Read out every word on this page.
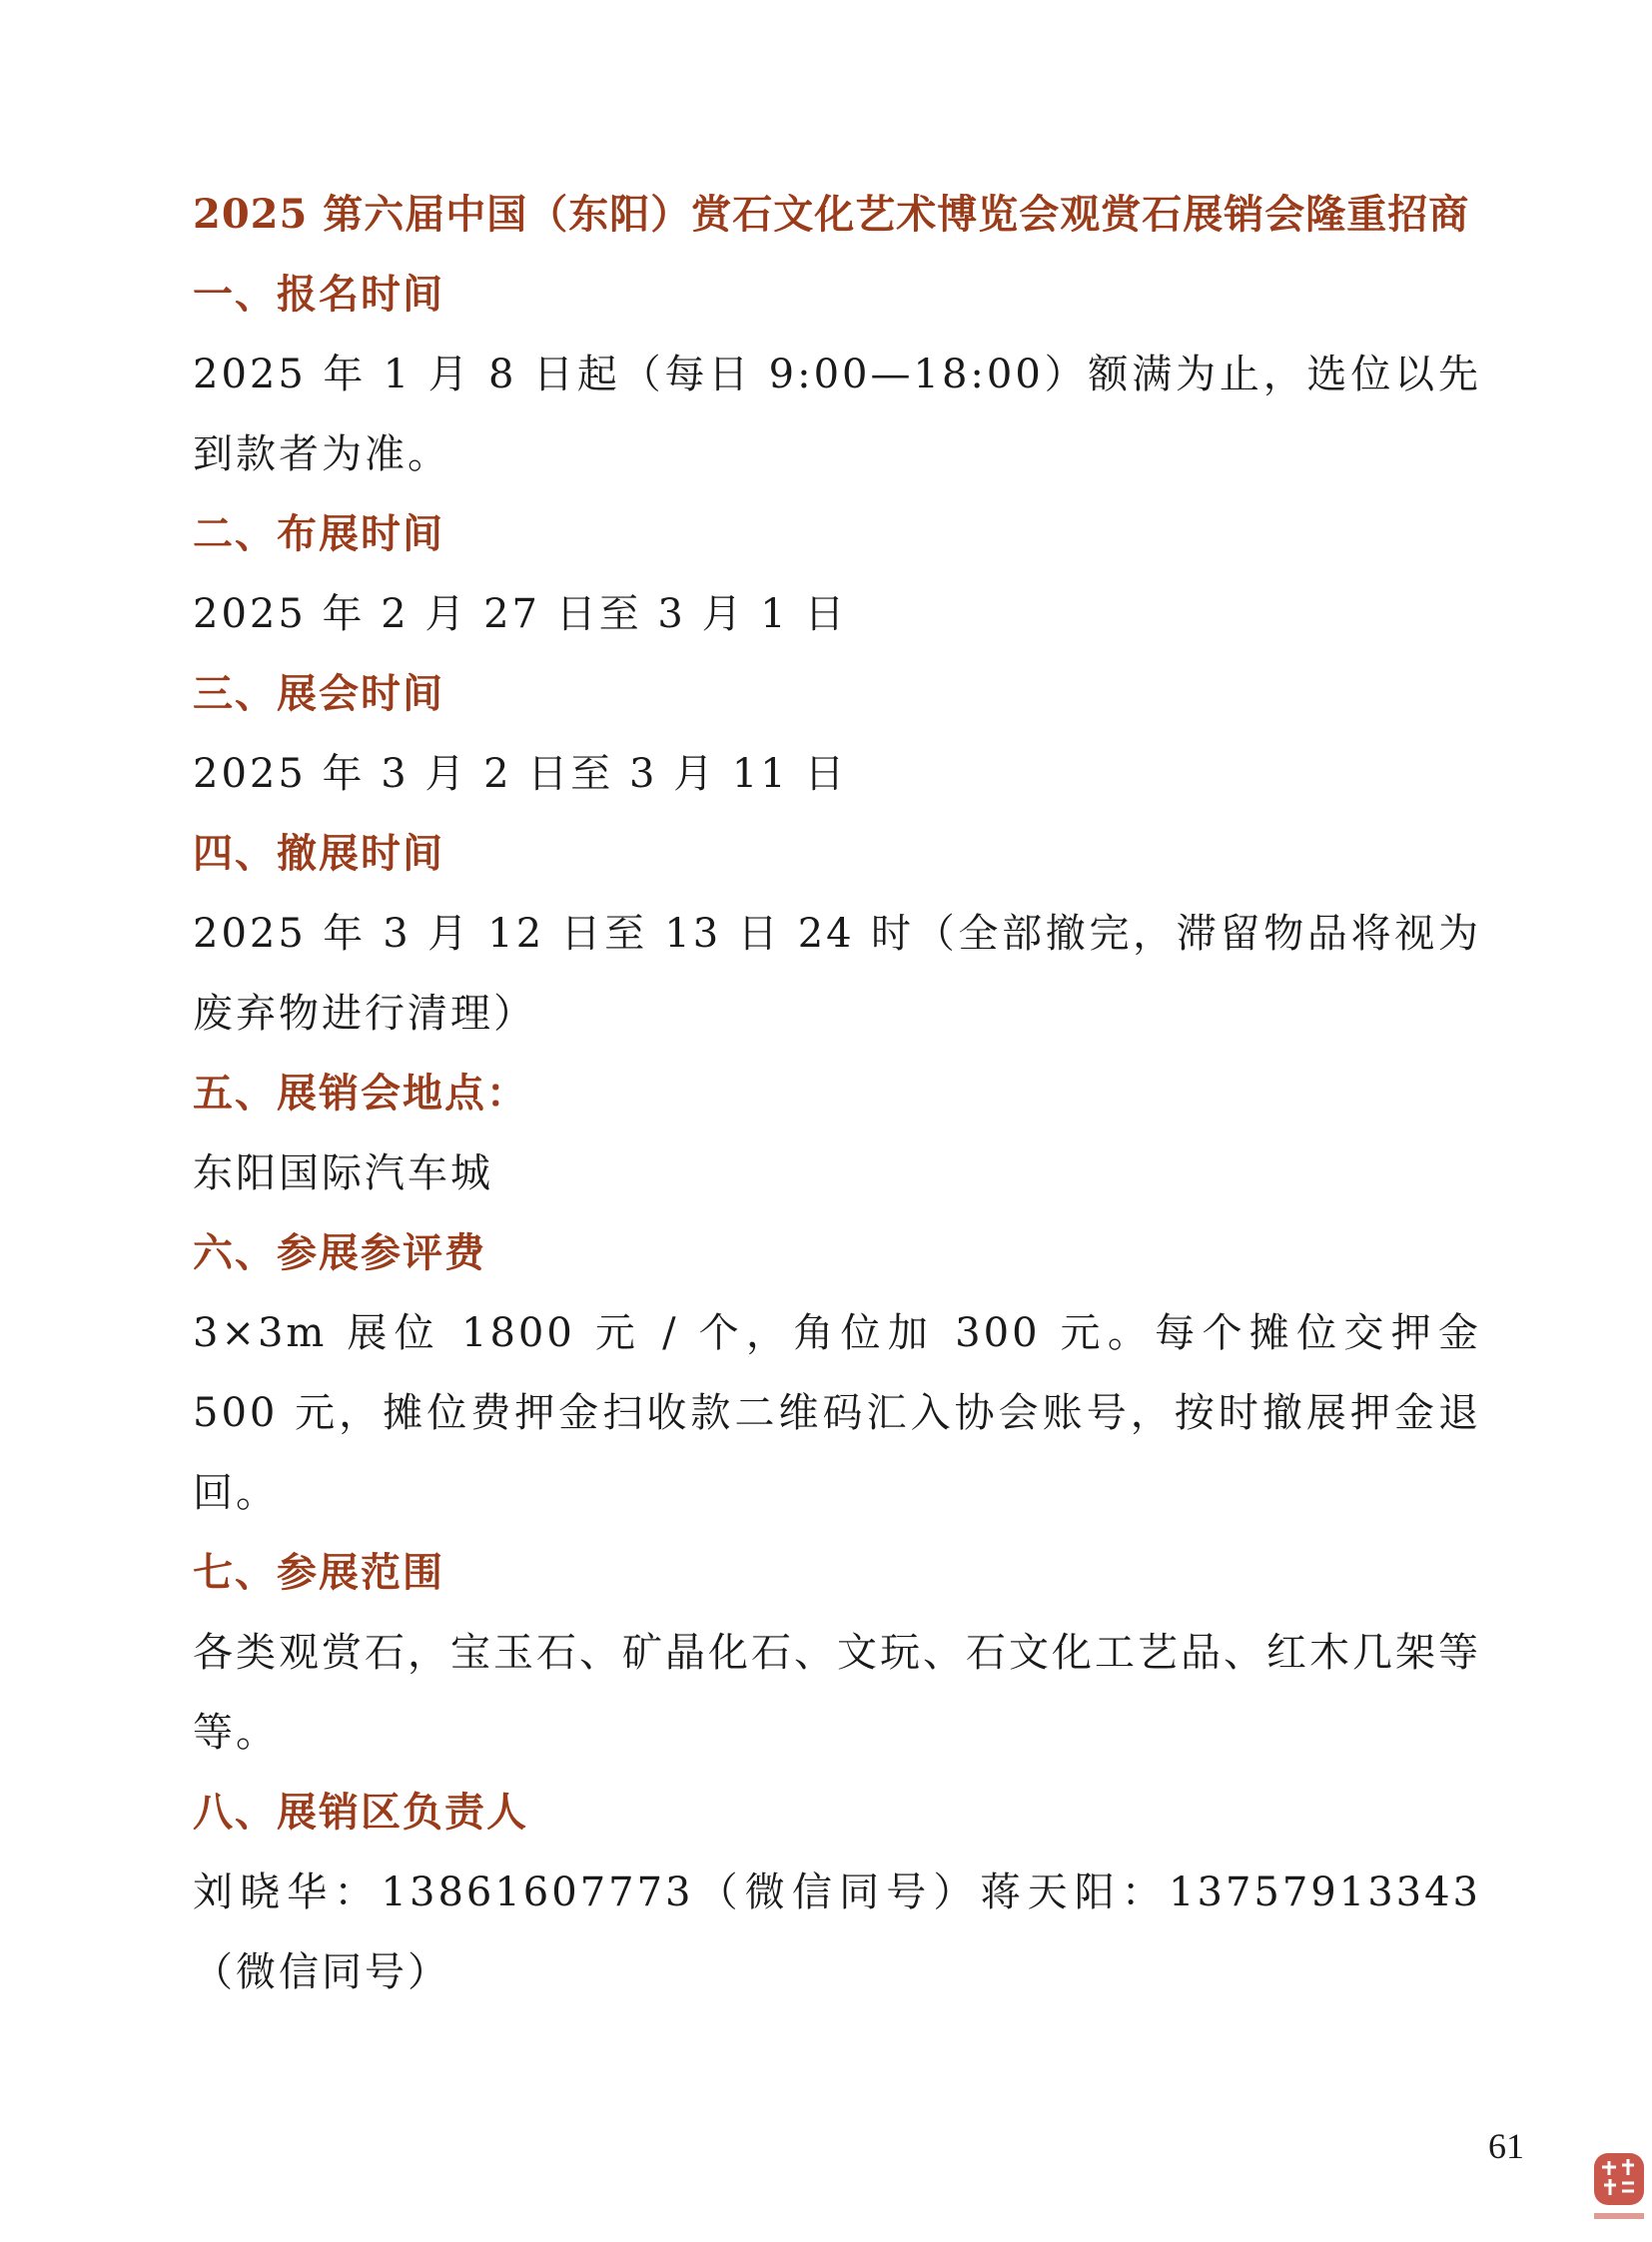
2025 第六届中国（东阳）赏石文化艺术博览会观赏石展销会隆重招商
一、报名时间

2025 年 1 月 8 日起（每日 9:00—18:00）额满为止，选位以先到款者为准。

二、布展时间

2025 年 2 月 27 日至 3 月 1 日

三、展会时间

2025 年 3 月 2 日至 3 月 11 日

四、撤展时间

2025 年 3 月 12 日至 13 日 24 时（全部撤完，滞留物品将视为废弃物进行清理）

五、展销会地点：

东阳国际汽车城

六、参展参评费

3×3m 展位 1800 元 / 个，角位加 300 元。每个摊位交押金 500 元，摊位费押金扫收款二维码汇入协会账号，按时撤展押金退回。

七、参展范围

各类观赏石，宝玉石、矿晶化石、文玩、石文化工艺品、红木几架等等。

八、展销区负责人

刘晓华：13861607773（微信同号）蒋天阳：13757913343（微信同号）

61
